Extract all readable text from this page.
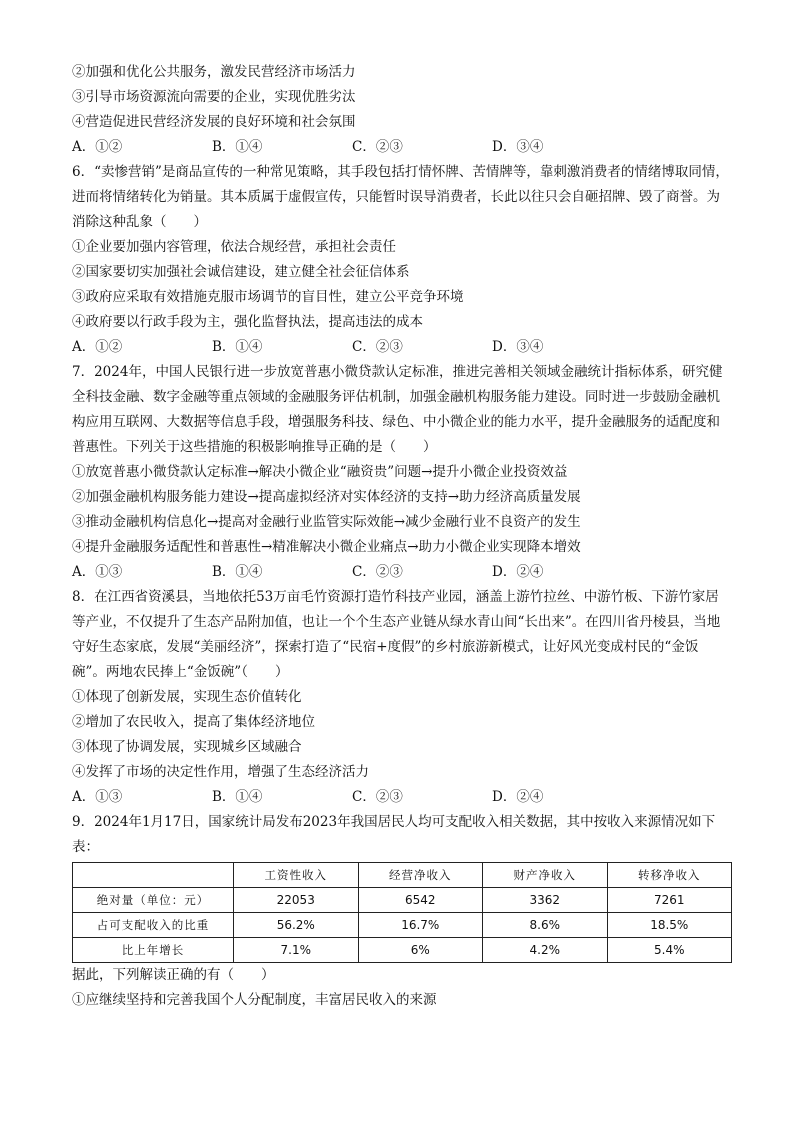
②加强和优化公共服务，激发民营经济市场活力
③引导市场资源流向需要的企业，实现优胜劣汰
④营造促进民营经济发展的良好环境和社会氛围
A．①②	B．①④	C．②③	D．③④
6．“卖惨营销”是商品宣传的一种常见策略，其手段包括打情怀牌、苦情牌等，靠刺激消费者的情绪博取同情，进而将情绪转化为销量。其本质属于虚假宣传，只能暂时误导消费者，长此以往只会自砸招牌、毁了商誉。为消除这种乱象（　　）
①企业要加强内容管理，依法合规经营，承担社会责任
②国家要切实加强社会诚信建设，建立健全社会征信体系
③政府应采取有效措施克服市场调节的盲目性，建立公平竞争环境
④政府要以行政手段为主，强化监督执法，提高违法的成本
A．①②	B．①④	C．②③	D．③④
7．2024年，中国人民银行进一步放宽普惠小微贷款认定标准，推进完善相关领域金融统计指标体系，研究健全科技金融、数字金融等重点领域的金融服务评估机制，加强金融机构服务能力建设。同时进一步鼓励金融机构应用互联网、大数据等信息手段，增强服务科技、绿色、中小微企业的能力水平，提升金融服务的适配度和普惠性。下列关于这些措施的积极影响推导正确的是（　　）
①放宽普惠小微贷款认定标准→解决小微企业“融资贵”问题→提升小微企业投资效益
②加强金融机构服务能力建设→提高虚拟经济对实体经济的支持→助力经济高质量发展
③推动金融机构信息化→提高对金融行业监管实际效能→减少金融行业不良资产的发生
④提升金融服务适配性和普惠性→精准解决小微企业痛点→助力小微企业实现降本增效
A．①③	B．①④	C．②③	D．②④
8．在江西省资溪县，当地依托53万亩毛竹资源打造竹科技产业园，涵盖上游竹拉丝、中游竹板、下游竹家居等产业，不仅提升了生态产品附加值，也让一个个生态产业链从绿水青山间“长出来”。在四川省丹棱县，当地守好生态家底，发展“美丽经济”，探索打造了“民宿+度假”的乡村旅游新模式，让好风光变成村民的“金饭碗”。两地农民捧上“金饭碗”（　　）
①体现了创新发展，实现生态价值转化
②增加了农民收入，提高了集体经济地位
③体现了协调发展，实现城乡区域融合
④发挥了市场的决定性作用，增强了生态经济活力
A．①③	B．①④	C．②③	D．②④
9．2024年1月17日，国家统计局发布2023年我国居民人均可支配收入相关数据，其中按收入来源情况如下表：
	工资性收入	经营净收入	财产净收入	转移净收入
绝对量（单位：元）	22053	6542	3362	7261
占可支配收入的比重	56.2%	16.7%	8.6%	18.5%
比上年增长	7.1%	6%	4.2%	5.4%
据此，下列解读正确的有（　　）
①应继续坚持和完善我国个人分配制度，丰富居民收入的来源
